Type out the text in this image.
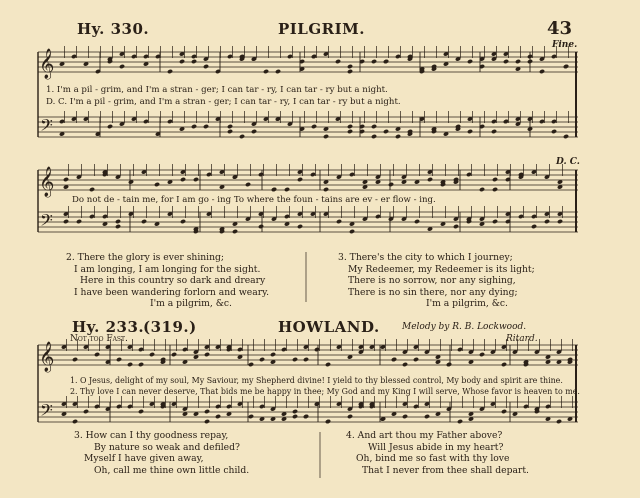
Hy. 330.	PILGRIM.	43
Fine.
𝄞
𝄢
𝄞
𝄢
𝄞
𝄢
1. I'm a pil - grim, and I'm a stran - ger; I can tar - ry, I can tar - ry but a night.
D. C. I'm a pil - grim, and I'm a stran - ger; I can tar - ry, I can tar - ry but a night.
D. C.
Do not de - tain me, for I am go - ing To where the foun - tains are ev - er flow - ing.
2. There the glory is ever shining;
I am longing, I am longing for the sight.
Here in this country so dark and dreary
I have been wandering forlorn and weary.
I'm a pilgrim, &c.
3. There's the city to which I journey;
My Redeemer, my Redeemer is its light;
There is no sorrow, nor any sighing,
There is no sin there, nor any dying;
I'm a pilgrim, &c.
Hy. 233.
(319.)	HOWLAND. Melody by R. B. Lockwood.
Not too Fast.	Ritard.
1. O Jesus, delight of my soul, My Saviour, my Shepherd divine! I yield to thy blessed control, My body and spirit are thine.
2. Thy love I can never deserve, That bids me be happy in thee; My God and my King I will serve, Whose favor is heaven to me.
3. How can I thy goodness repay,
By nature so weak and defiled?
Myself I have given away,
Oh, call me thine own little child.
4. And art thou my Father above?
Will Jesus abide in my heart?
Oh, bind me so fast with thy love
That I never from thee shall depart.
